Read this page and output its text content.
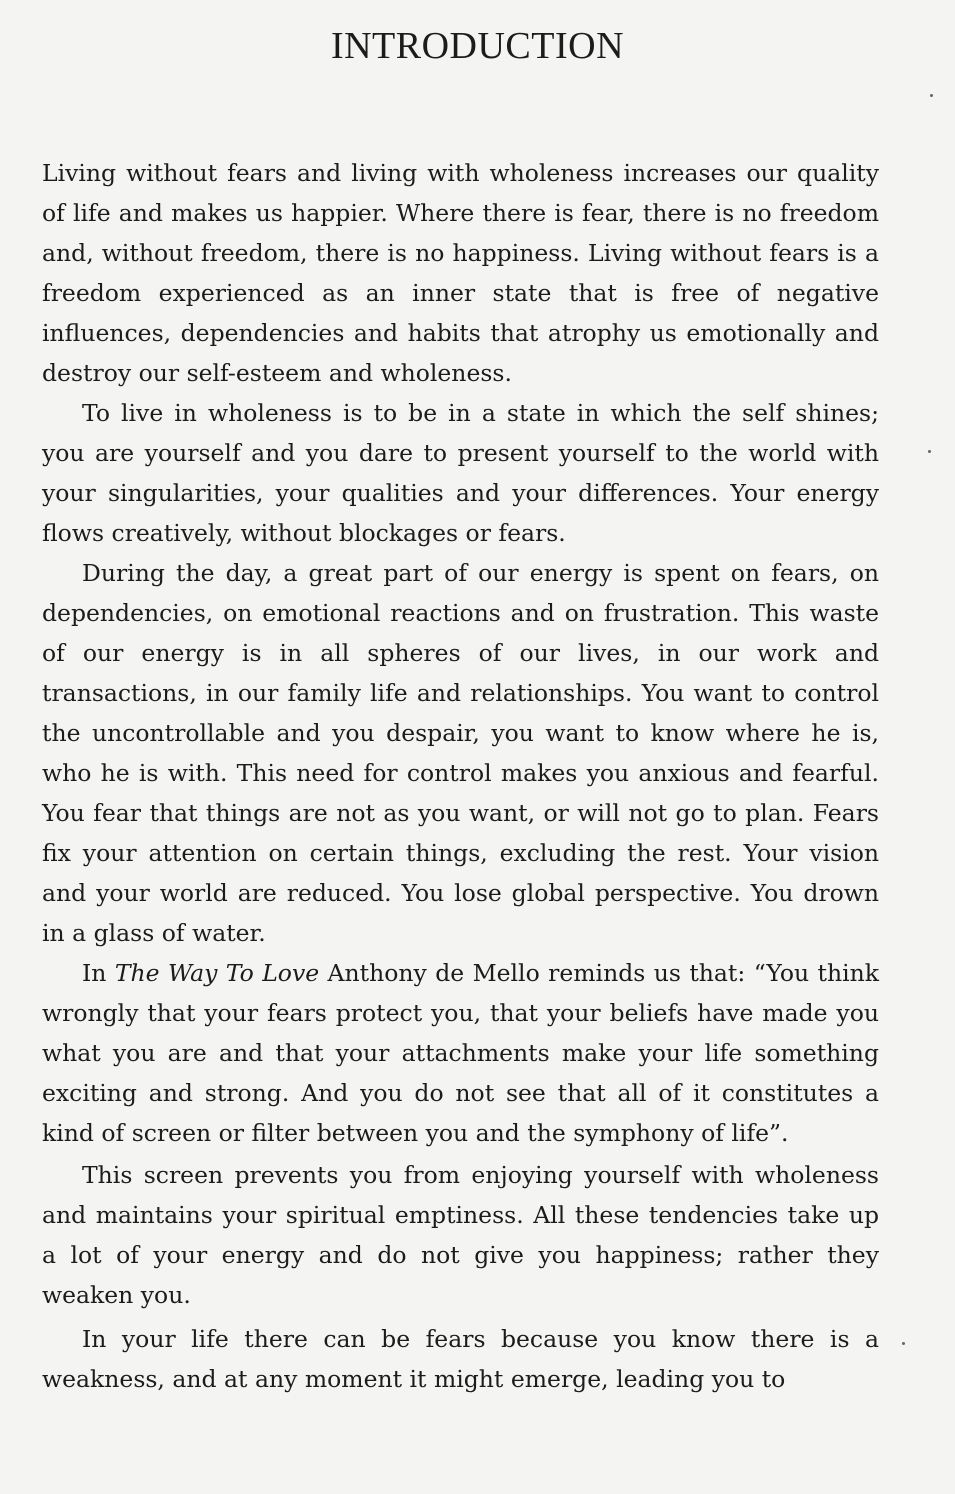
INTRODUCTION

Living without fears and living with wholeness increases our quality of life and makes us happier. Where there is fear, there is no freedom and, without freedom, there is no happiness. Living without fears is a freedom experienced as an inner state that is free of negative influences, dependencies and habits that atrophy us emotionally and destroy our self-esteem and wholeness.

To live in wholeness is to be in a state in which the self shines; you are yourself and you dare to present yourself to the world with your singularities, your qualities and your differences. Your energy flows creatively, without blockages or fears.

During the day, a great part of our energy is spent on fears, on dependencies, on emotional reactions and on frustration. This waste of our energy is in all spheres of our lives, in our work and transactions, in our family life and relationships. You want to control the uncontrollable and you despair, you want to know where he is, who he is with. This need for control makes you anxious and fearful. You fear that things are not as you want, or will not go to plan. Fears fix your attention on certain things, excluding the rest. Your vision and your world are reduced. You lose global perspective. You drown in a glass of water.

In The Way To Love Anthony de Mello reminds us that: “You think wrongly that your fears protect you, that your beliefs have made you what you are and that your attachments make your life something exciting and strong. And you do not see that all of it constitutes a kind of screen or filter between you and the symphony of life”.

This screen prevents you from enjoying yourself with wholeness and maintains your spiritual emptiness. All these tendencies take up a lot of your energy and do not give you happiness; rather they weaken you.

In your life there can be fears because you know there is a weakness, and at any moment it might emerge, leading you to
